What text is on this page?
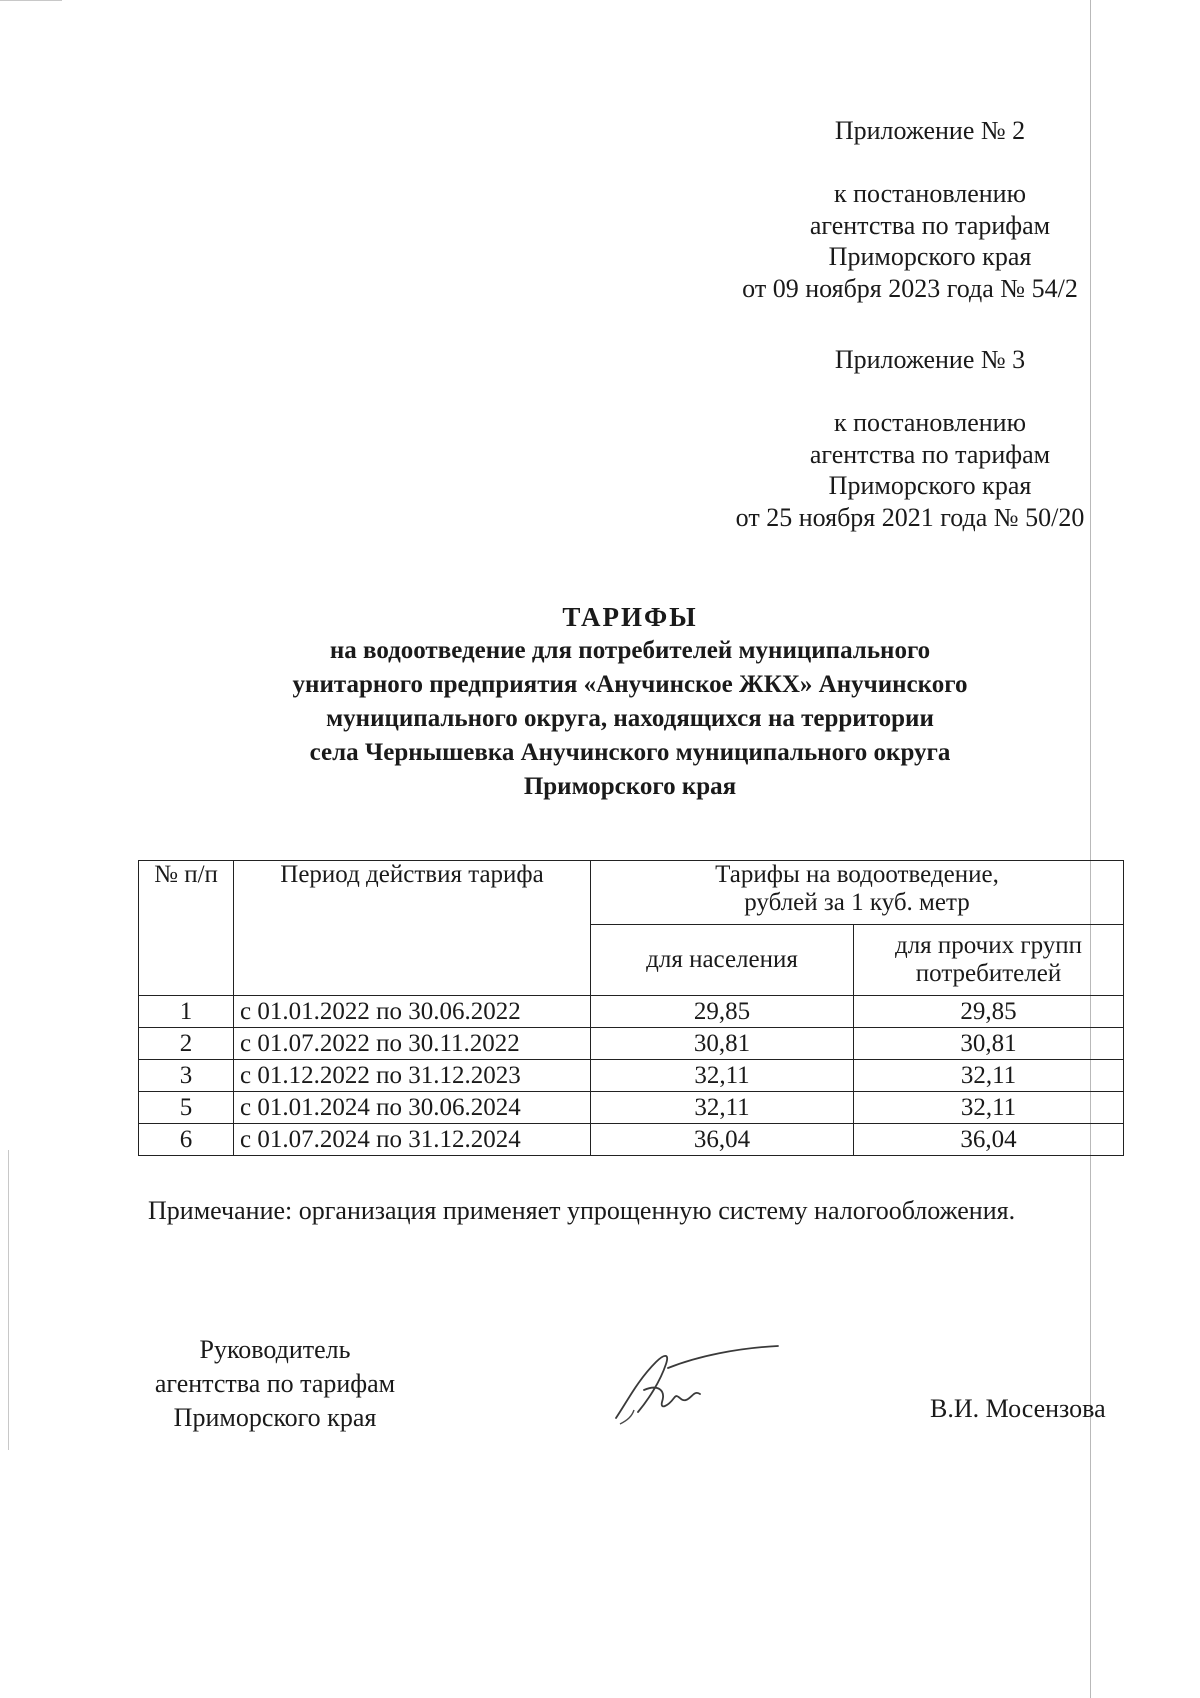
Приложение № 2
к постановлению
агентства по тарифам
Приморского края
от 09 ноября 2023 года № 54/2
Приложение № 3
к постановлению
агентства по тарифам
Приморского края
от 25 ноября 2021 года № 50/20
ТАРИФЫ
на водоотведение для потребителей муниципального
унитарного предприятия «Анучинское ЖКХ» Анучинского
муниципального округа, находящихся на территории
села Чернышевка Анучинского муниципального округа
Приморского края
№ п/п	Период действия тарифа	Тарифы на водоотведение,
рублей за 1 куб. метр	

		для населения	для прочих групп
потребителей

1	с 01.01.2022 по 30.06.2022	29,85	29,85
2	с 01.07.2022 по 30.11.2022	30,81	30,81
3	с 01.12.2022 по 31.12.2023	32,11	32,11
5	с 01.01.2024 по 30.06.2024	32,11	32,11
6	с 01.07.2024 по 31.12.2024	36,04	36,04
Примечание: организация применяет упрощенную систему налогообложения.
Руководитель
агентства по тарифам
Приморского края	В.И. Мосензова
